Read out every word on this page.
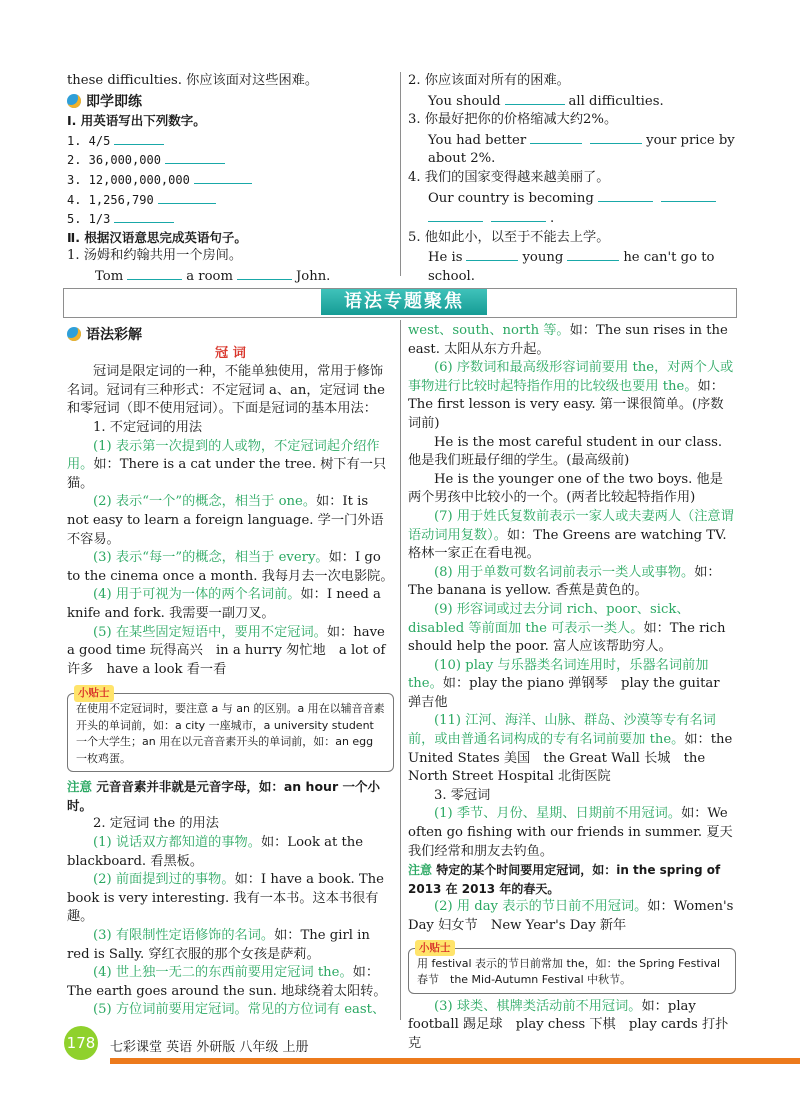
these difficulties. 你应该面对这些困难。
即学即练
Ⅰ. 用英语写出下列数字。
1. 4/5
2. 36,000,000
3. 12,000,000,000
4. 1,256,790
5. 1/3
Ⅱ. 根据汉语意思完成英语句子。
1. 汤姆和约翰共用一个房间。
Tom	a room	John.
2. 你应该面对所有的困难。
You should	all difficulties.
3. 你最好把你的价格缩减大约2%。
You had better	your price by
about 2%.
4. 我们的国家变得越来越美丽了。
Our country is becoming
.
5. 他如此小，以至于不能去上学。
He is	young	he can't go to
school.
语法专题聚焦
语法彩解
冠 词
冠词是限定词的一种，不能单独使用，常用于修饰名词。冠词有三种形式：不定冠词 a、an，定冠词 the 和零冠词（即不使用冠词）。下面是冠词的基本用法：
1. 不定冠词的用法
(1) 表示第一次提到的人或物，不定冠词起介绍作用。如：There is a cat under the tree. 树下有一只猫。
(2) 表示“一个”的概念，相当于 one。如：It is not easy to learn a foreign language. 学一门外语不容易。
(3) 表示“每一”的概念，相当于 every。如：I go to the cinema once a month. 我每月去一次电影院。
(4) 用于可视为一体的两个名词前。如：I need a knife and fork. 我需要一副刀叉。
(5) 在某些固定短语中，要用不定冠词。如：have a good time 玩得高兴　in a hurry 匆忙地　a lot of 许多　have a look 看一看
小贴士
在使用不定冠词时，要注意 a 与 an 的区别。a 用在以辅音音素开头的单词前，如：a city 一座城市，a university student 一个大学生；an 用在以元音音素开头的单词前，如：an egg 一枚鸡蛋。
注意 元音音素并非就是元音字母，如：an hour 一个小时。
2. 定冠词 the 的用法
(1) 说话双方都知道的事物。如：Look at the blackboard. 看黑板。
(2) 前面提到过的事物。如：I have a book. The book is very interesting. 我有一本书。这本书很有趣。
(3) 有限制性定语修饰的名词。如：The girl in red is Sally. 穿红衣服的那个女孩是萨莉。
(4) 世上独一无二的东西前要用定冠词 the。如：The earth goes around the sun. 地球绕着太阳转。
(5) 方位词前要用定冠词。常见的方位词有 east、
west、south、north 等。如：The sun rises in the east. 太阳从东方升起。
(6) 序数词和最高级形容词前要用 the，对两个人或事物进行比较时起特指作用的比较级也要用 the。如：The first lesson is very easy. 第一课很简单。(序数词前)
He is the most careful student in our class. 他是我们班最仔细的学生。(最高级前)
He is the younger one of the two boys. 他是两个男孩中比较小的一个。(两者比较起特指作用)
(7) 用于姓氏复数前表示一家人或夫妻两人（注意谓语动词用复数）。如：The Greens are watching TV. 格林一家正在看电视。
(8) 用于单数可数名词前表示一类人或事物。如：The banana is yellow. 香蕉是黄色的。
(9) 形容词或过去分词 rich、poor、sick、disabled 等前面加 the 可表示一类人。如：The rich should help the poor. 富人应该帮助穷人。
(10) play 与乐器类名词连用时，乐器名词前加 the。如：play the piano 弹钢琴　play the guitar 弹吉他
(11) 江河、海洋、山脉、群岛、沙漠等专有名词前，或由普通名词构成的专有名词前要加 the。如：the United States 美国　the Great Wall 长城　the North Street Hospital 北街医院
3. 零冠词
(1) 季节、月份、星期、日期前不用冠词。如：We often go fishing with our friends in summer. 夏天我们经常和朋友去钓鱼。
注意 特定的某个时间要用定冠词，如：in the spring of 2013 在 2013 年的春天。
(2) 用 day 表示的节日前不用冠词。如：Women's Day 妇女节　New Year's Day 新年
小贴士
用 festival 表示的节日前常加 the，如：the Spring Festival 春节　the Mid-Autumn Festival 中秋节。
(3) 球类、棋牌类活动前不用冠词。如：play football 踢足球　play chess 下棋　play cards 打扑克
178 七彩课堂 英语 外研版 八年级 上册
